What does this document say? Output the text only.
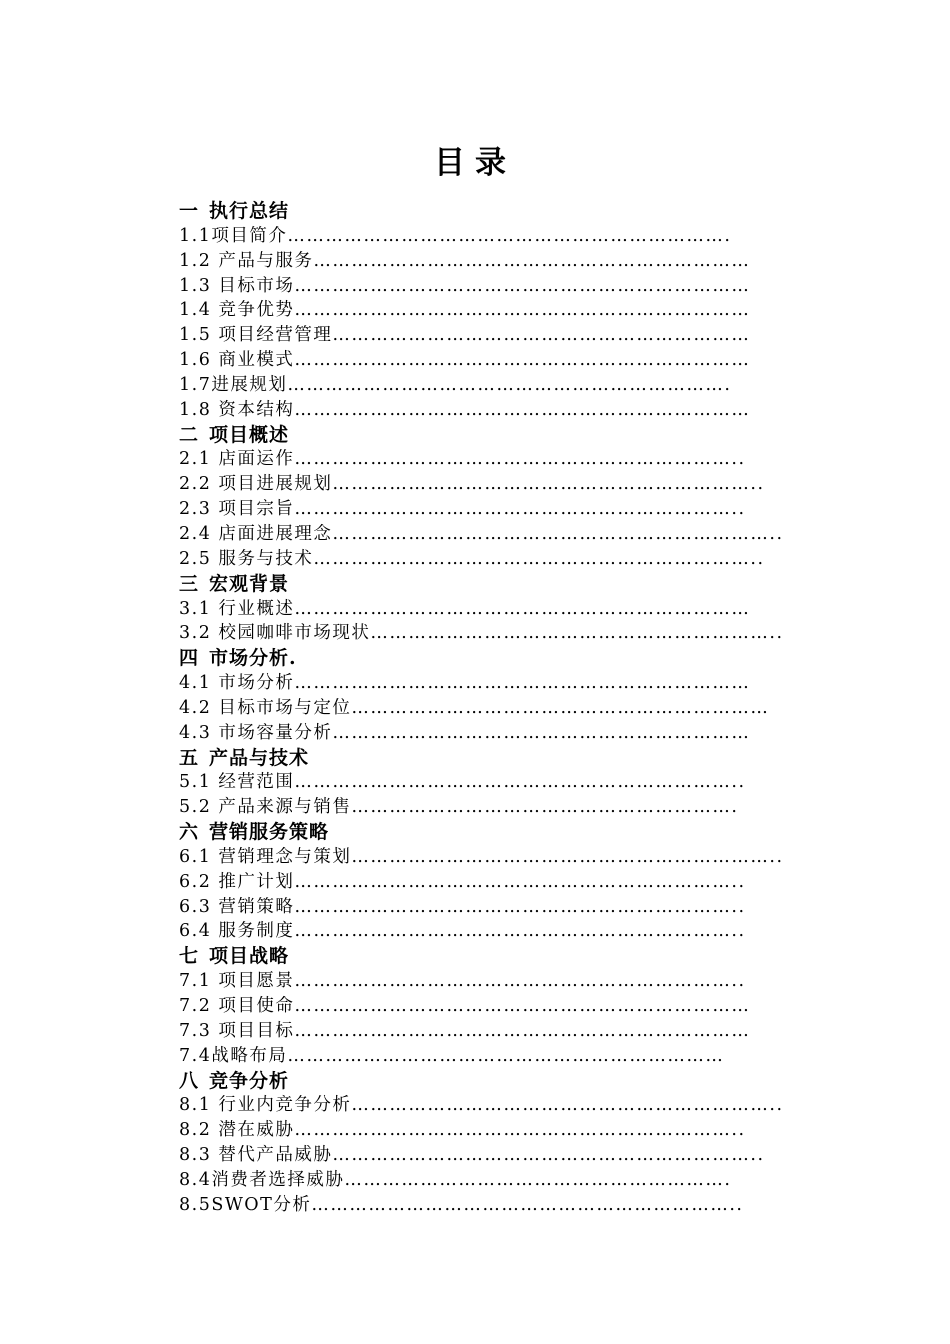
目录
一 执行总结
1.1项目简介…………………………………………………………….
1.2 产品与服务……………………………………………………………
1.3 目标市场………………………………………………………………
1.4 竞争优势………………………………………………………………
1.5 项目经营管理…………………………………………………………
1.6 商业模式………………………………………………………………
1.7进展规划…………………………………………………………….
1.8 资本结构………………………………………………………………
二 项目概述
2.1 店面运作……………………………………………………………..
2.2 项目进展规划…………………………………………………………..
2.3 项目宗旨……………………………………………………………..
2.4 店面进展理念……………………………………………………………..
2.5 服务与技术……………………………………………………………..
三 宏观背景
3.1 行业概述………………………………………………………………
3.2 校园咖啡市场现状………………………………………………………..
四 市场分析.
4.1 市场分析………………………………………………………………
4.2 目标市场与定位…………………………………………………………
4.3 市场容量分析…………………………………………………………
五 产品与技术
5.1 经营范围……………………………………………………………..
5.2 产品来源与销售…………………………………………………….
六 营销服务策略
6.1 营销理念与策划…………………………………………………………..
6.2 推广计划……………………………………………………………..
6.3 营销策略……………………………………………………………..
6.4 服务制度……………………………………………………………..
七 项目战略
7.1 项目愿景……………………………………………………………..
7.2 项目使命………………………………………………………………
7.3 项目目标………………………………………………………………
7.4战略布局……………………………………………………………
八 竞争分析
8.1 行业内竞争分析…………………………………………………………..
8.2 潜在威胁……………………………………………………………..
8.3 替代产品威胁…………………………………………………………..
8.4消费者选择威胁…………………………………………………….
8.5SWOT分析…………………………………………………………..
